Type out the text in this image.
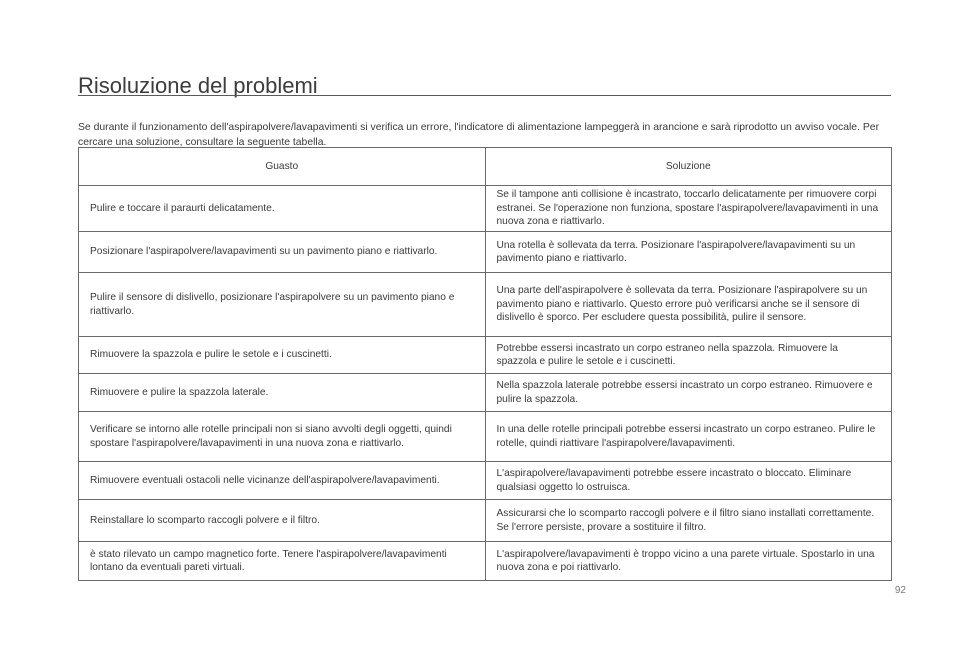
Risoluzione del problemi

Se durante il funzionamento dell'aspirapolvere/lavapavimenti si verifica un errore, l'indicatore di alimentazione lampeggerà in arancione e sarà riprodotto un avviso vocale. Per cercare una soluzione, consultare la seguente tabella.

Guasto	Soluzione
Pulire e toccare il paraurti delicatamente.	Se il tampone anti collisione è incastrato, toccarlo delicatamente per rimuovere corpi estranei. Se l'operazione non funziona, spostare l'aspirapolvere/lavapavimenti in una nuova zona e riattivarlo.
Posizionare l'aspirapolvere/lavapavimenti su un pavimento piano e riattivarlo.	Una rotella è sollevata da terra. Posizionare l'aspirapolvere/lavapavimenti su un pavimento piano e riattivarlo.
Pulire il sensore di dislivello, posizionare l'aspirapolvere su un pavimento piano e riattivarlo.	Una parte dell'aspirapolvere è sollevata da terra. Posizionare l'aspirapolvere su un pavimento piano e riattivarlo. Questo errore può verificarsi anche se il sensore di dislivello è sporco. Per escludere questa possibilità, pulire il sensore.
Rimuovere la spazzola e pulire le setole e i cuscinetti.	Potrebbe essersi incastrato un corpo estraneo nella spazzola. Rimuovere la spazzola e pulire le setole e i cuscinetti.
Rimuovere e pulire la spazzola laterale.	Nella spazzola laterale potrebbe essersi incastrato un corpo estraneo. Rimuovere e pulire la spazzola.
Verificare se intorno alle rotelle principali non si siano avvolti degli oggetti, quindi spostare l'aspirapolvere/lavapavimenti in una nuova zona e riattivarlo.	In una delle rotelle principali potrebbe essersi incastrato un corpo estraneo. Pulire le rotelle, quindi riattivare l'aspirapolvere/lavapavimenti.
Rimuovere eventuali ostacoli nelle vicinanze dell'aspirapolvere/lavapavimenti.	L'aspirapolvere/lavapavimenti potrebbe essere incastrato o bloccato. Eliminare qualsiasi oggetto lo ostruisca.
Reinstallare lo scomparto raccogli polvere e il filtro.	Assicurarsi che lo scomparto raccogli polvere e il filtro siano installati correttamente. Se l'errore persiste, provare a sostituire il filtro.
è stato rilevato un campo magnetico forte. Tenere l'aspirapolvere/lavapavimenti lontano da eventuali pareti virtuali.	L'aspirapolvere/lavapavimenti è troppo vicino a una parete virtuale. Spostarlo in una nuova zona e poi riattivarlo.
92
